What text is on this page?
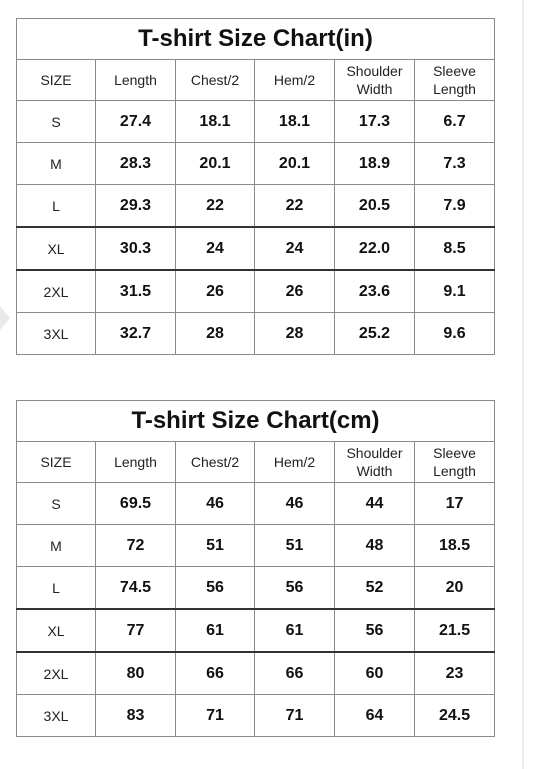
T-shirt Size Chart(in)					
SIZE	Length	Chest/2	Hem/2	Shoulder Width	Sleeve Length
S	27.4	18.1	18.1	17.3	6.7
M	28.3	20.1	20.1	18.9	7.3
L	29.3	22	22	20.5	7.9
XL	30.3	24	24	22.0	8.5
2XL	31.5	26	26	23.6	9.1
3XL	32.7	28	28	25.2	9.6
T-shirt Size Chart(cm)					
SIZE	Length	Chest/2	Hem/2	Shoulder Width	Sleeve Length
S	69.5	46	46	44	17
M	72	51	51	48	18.5
L	74.5	56	56	52	20
XL	77	61	61	56	21.5
2XL	80	66	66	60	23
3XL	83	71	71	64	24.5
